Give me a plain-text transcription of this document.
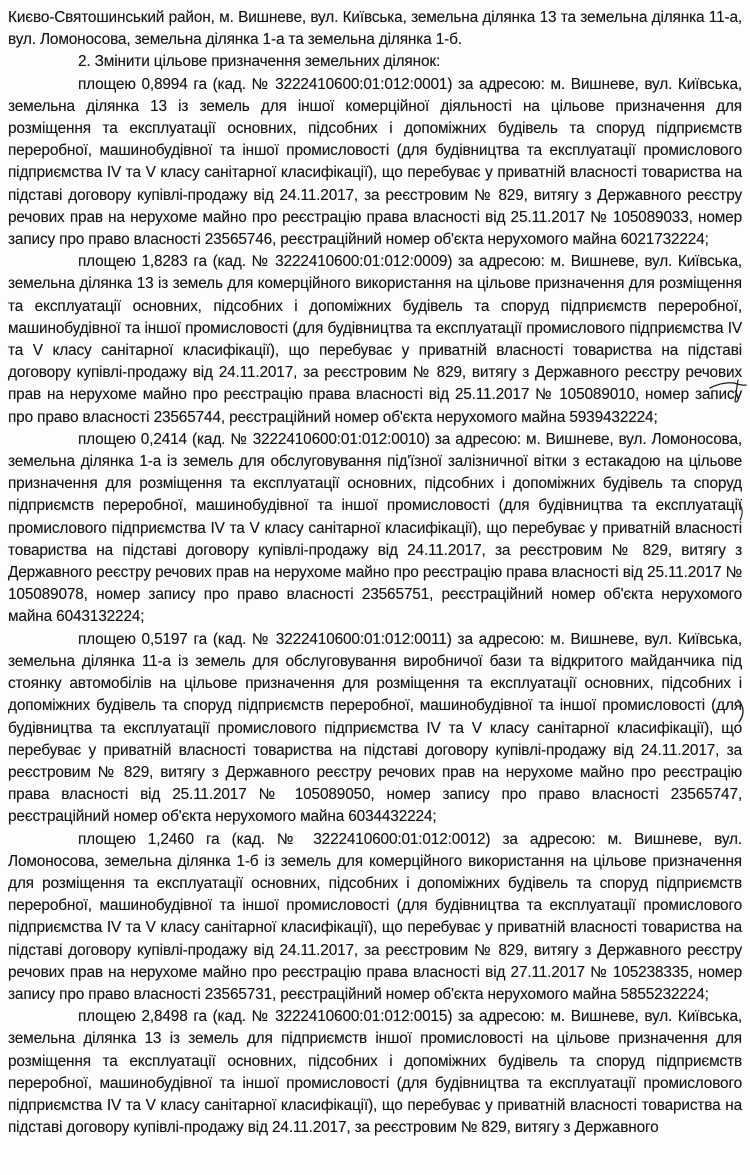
Києво-Святошинський район, м. Вишневе, вул. Київська, земельна ділянка 13 та земельна ділянка 11-а, вул. Ломоносова, земельна ділянка 1-а та земельна ділянка 1-б.

2. Змінити цільове призначення земельних ділянок:

площею 0,8994 га (кад. № 3222410600:01:012:0001) за адресою: м. Вишневе, вул. Київська, земельна ділянка 13 із земель для іншої комерційної діяльності на цільове призначення для розміщення та експлуатації основних, підсобних і допоміжних будівель та споруд підприємств переробної, машинобудівної та іншої промисловості (для будівництва та експлуатації промислового підприємства IV та V класу санітарної класифікації), що перебуває у приватній власності товариства на підставі договору купівлі-продажу від 24.11.2017, за реєстровим № 829, витягу з Державного реєстру речових прав на нерухоме майно про реєстрацію права власності від 25.11.2017 № 105089033, номер запису про право власності 23565746, реєстраційний номер об'єкта нерухомого майна 6021732224;

площею 1,8283 га (кад. № 3222410600:01:012:0009) за адресою: м. Вишневе, вул. Київська, земельна ділянка 13 із земель для комерційного використання на цільове призначення для розміщення та експлуатації основних, підсобних і допоміжних будівель та споруд підприємств переробної, машинобудівної та іншої промисловості (для будівництва та експлуатації промислового підприємства IV та V класу санітарної класифікації), що перебуває у приватній власності товариства на підставі договору купівлі-продажу від 24.11.2017, за реєстровим № 829, витягу з Державного реєстру речових прав на нерухоме майно про реєстрацію права власності від 25.11.2017 № 105089010, номер запису про право власності 23565744, реєстраційний номер об'єкта нерухомого майна 5939432224;

площею 0,2414 (кад. № 3222410600:01:012:0010) за адресою: м. Вишневе, вул. Ломоносова, земельна ділянка 1-а із земель для обслуговування під'їзної залізничної вітки з естакадою на цільове призначення для розміщення та експлуатації основних, підсобних і допоміжних будівель та споруд підприємств переробної, машинобудівної та іншої промисловості (для будівництва та експлуатації промислового підприємства IV та V класу санітарної класифікації), що перебуває у приватній власності товариства на підставі договору купівлі-продажу від 24.11.2017, за реєстровим № 829, витягу з Державного реєстру речових прав на нерухоме майно про реєстрацію права власності від 25.11.2017 № 105089078, номер запису про право власності 23565751, реєстраційний номер об'єкта нерухомого майна 6043132224;

площею 0,5197 га (кад. № 3222410600:01:012:0011) за адресою: м. Вишневе, вул. Київська, земельна ділянка 11-а із земель для обслуговування виробничої бази та відкритого майданчика під стоянку автомобілів на цільове призначення для розміщення та експлуатації основних, підсобних і допоміжних будівель та споруд підприємств переробної, машинобудівної та іншої промисловості (для будівництва та експлуатації промислового підприємства IV та V класу санітарної класифікації), що перебуває у приватній власності товариства на підставі договору купівлі-продажу від 24.11.2017, за реєстровим № 829, витягу з Державного реєстру речових прав на нерухоме майно про реєстрацію права власності від 25.11.2017 № 105089050, номер запису про право власності 23565747, реєстраційний номер об'єкта нерухомого майна 6034432224;

площею 1,2460 га (кад. № 3222410600:01:012:0012) за адресою: м. Вишневе, вул. Ломоносова, земельна ділянка 1-б із земель для комерційного використання на цільове призначення для розміщення та експлуатації основних, підсобних і допоміжних будівель та споруд підприємств переробної, машинобудівної та іншої промисловості (для будівництва та експлуатації промислового підприємства IV та V класу санітарної класифікації), що перебуває у приватній власності товариства на підставі договору купівлі-продажу від 24.11.2017, за реєстровим № 829, витягу з Державного реєстру речових прав на нерухоме майно про реєстрацію права власності від 27.11.2017 № 105238335, номер запису про право власності 23565731, реєстраційний номер об'єкта нерухомого майна 5855232224;

площею 2,8498 га (кад. № 3222410600:01:012:0015) за адресою: м. Вишневе, вул. Київська, земельна ділянка 13 із земель для підприємств іншої промисловості на цільове призначення для розміщення та експлуатації основних, підсобних і допоміжних будівель та споруд підприємств переробної, машинобудівної та іншої промисловості (для будівництва та експлуатації промислового підприємства IV та V класу санітарної класифікації), що перебуває у приватній власності товариства на підставі договору купівлі-продажу від 24.11.2017, за реєстровим № 829, витягу з Державного
